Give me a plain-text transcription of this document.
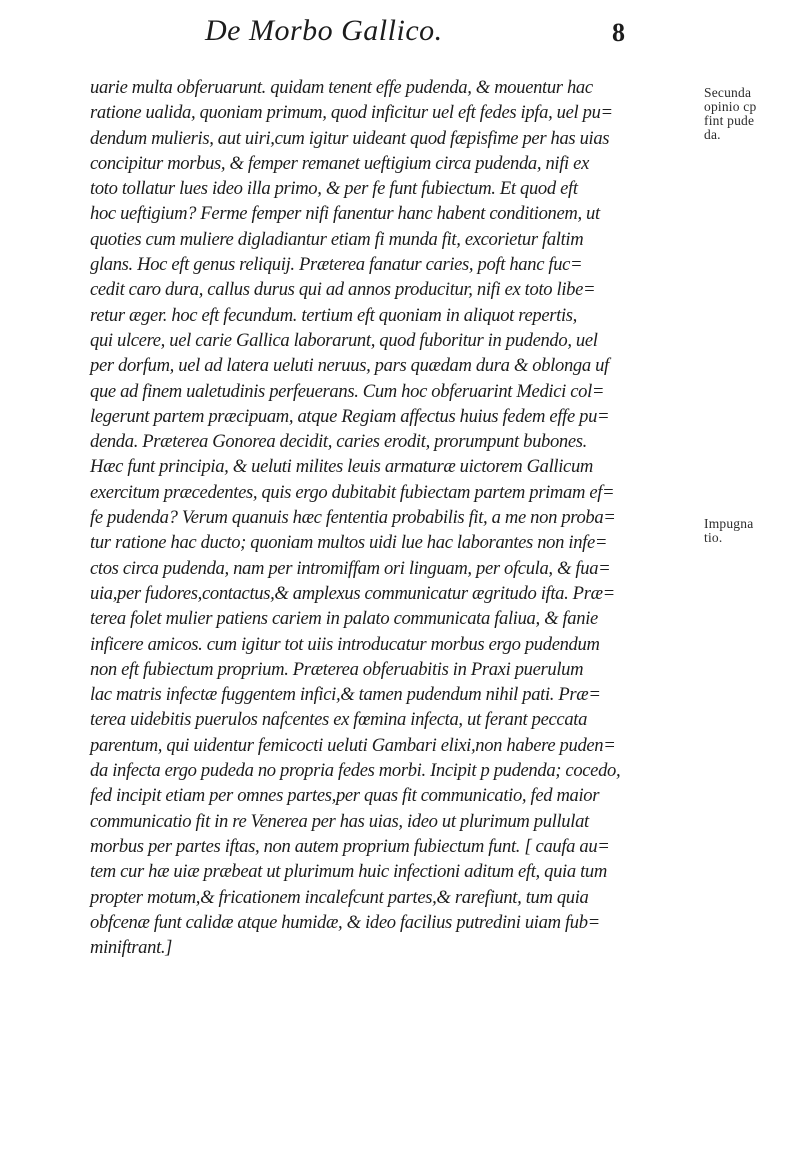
De Morbo Gallico.	8
Secunda
opinio cp
fint pude
da.
Impugna
tio.
uarie multa obferuarunt. quidam tenent effe pudenda, & mouentur hac
ratione ualida, quoniam primum, quod inficitur uel eft fedes ipfa, uel pu=
dendum mulieris, aut uiri,cum igitur uideant quod fæpisfime per has uias
concipitur morbus, & femper remanet ueftigium circa pudenda, nifi ex
toto tollatur lues ideo illa primo, & per fe funt fubiectum. Et quod eft
hoc ueftigium? Ferme femper nifi fanentur hanc habent conditionem, ut
quoties cum muliere digladiantur etiam fi munda fit, excorietur faltim
glans. Hoc eft genus reliquij. Præterea fanatur caries, poft hanc fuc=
cedit caro dura, callus durus qui ad annos producitur, nifi ex toto libe=
retur æger. hoc eft fecundum. tertium eft quoniam in aliquot repertis,
qui ulcere, uel carie Gallica laborarunt, quod fuboritur in pudendo, uel
per dorfum, uel ad latera ueluti neruus, pars quædam dura & oblonga uf
que ad finem ualetudinis perfeuerans. Cum hoc obferuarint Medici col=
legerunt partem præcipuam, atque Regiam affectus huius fedem effe pu=
denda. Præterea Gonorea decidit, caries erodit, prorumpunt bubones.
Hæc funt principia, & ueluti milites leuis armaturæ uictorem Gallicum
exercitum præcedentes, quis ergo dubitabit fubiectam partem primam ef=
fe pudenda? Verum quanuis hæc fententia probabilis fit, a me non proba=
tur ratione hac ducto; quoniam multos uidi lue hac laborantes non infe=
ctos circa pudenda, nam per intromiffam ori linguam, per ofcula, & fua=
uia,per fudores,contactus,& amplexus communicatur ægritudo ifta. Præ=
terea folet mulier patiens cariem in palato communicata faliua, & fanie
inficere amicos. cum igitur tot uiis introducatur morbus ergo pudendum
non eft fubiectum proprium. Præterea obferuabitis in Praxi puerulum
lac matris infectæ fuggentem infici,& tamen pudendum nihil pati. Præ=
terea uidebitis puerulos nafcentes ex fœmina infecta, ut ferant peccata
parentum, qui uidentur femicocti ueluti Gambari elixi,non habere puden=
da infecta ergo pudeda no propria fedes morbi. Incipit p pudenda; cocedo,
fed incipit etiam per omnes partes,per quas fit communicatio, fed maior
communicatio fit in re Venerea per has uias, ideo ut plurimum pullulat
morbus per partes iftas, non autem proprium fubiectum funt. [ caufa au=
tem cur hæ uiæ præbeat ut plurimum huic infectioni aditum eft, quia tum
propter motum,& fricationem incalefcunt partes,& rarefiunt, tum quia
obfcenæ funt calidæ atque humidæ, & ideo facilius putredini uiam fub=
miniftrant.]
